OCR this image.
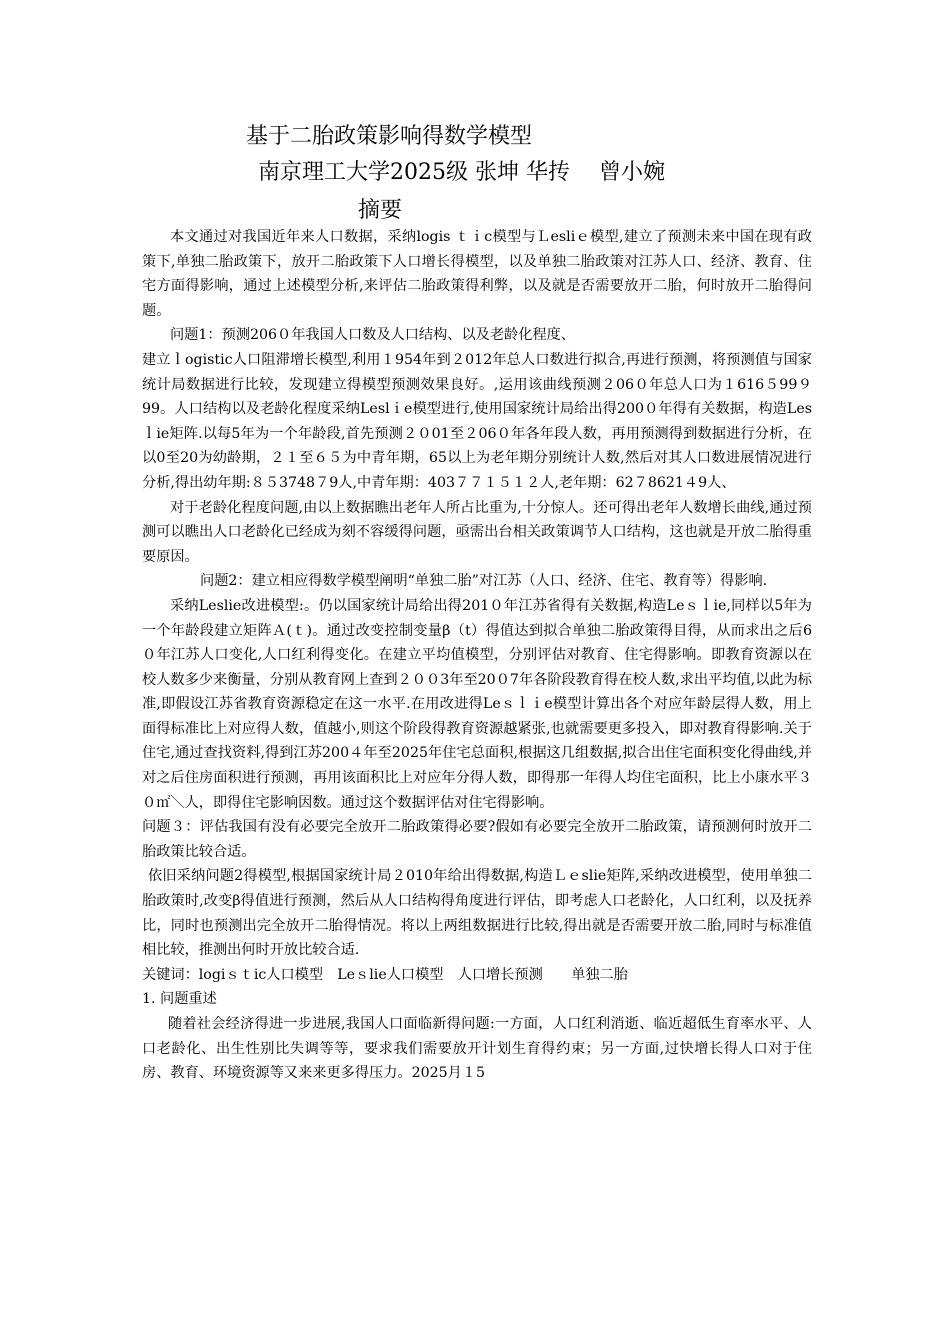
基于二胎政策影响得数学模型
南京理工大学2025级 张坤 华抟　 曾小婉
摘要

本文通过对我国近年来人口数据，采纳logis ｔｉc模型与Ｌesliｅ模型,建立了预测未来中国在现有政策下,单独二胎政策下，放开二胎政策下人口增长得模型，以及单独二胎政策对江苏人口、经济、教育、住宅方面得影响，通过上述模型分析,来评估二胎政策得利弊，以及就是否需要放开二胎，何时放开二胎得问题。

问题1：预测206０年我国人口数及人口结构、以及老龄化程度、

建立ｌogistic人口阻滞增长模型,利用１954年到２012年总人口数进行拟合,再进行预测，将预测值与国家统计局数据进行比较，发现建立得模型预测效果良好。,运用该曲线预测２06０年总人口为１616５99９99。人口结构以及老龄化程度采纳Leslｉe模型进行,使用国家统计局给出得200０年得有关数据，构造Les ｌie矩阵.以每5年为一个年龄段,首先预测２０01至２06０年各年段人数，再用预测得到数据进行分析，在以0至20为幼龄期，２１至６５为中青年期，65以上为老年期分别统计人数,然后对其人口数进展情况进行分析,得出幼年期:８５3748７9人,中青年期：403７７１５１２人,老年期：62７8621４9人、

对于老龄化程度问题,由以上数据瞧出老年人所占比重为,十分惊人。还可得出老年人数增长曲线,通过预测可以瞧出人口老龄化已经成为刻不容缓得问题，亟需出台相关政策调节人口结构，这也就是开放二胎得重要原因。

问题2：建立相应得数学模型阐明“单独二胎”对江苏（人口、经济、住宅、教育等）得影响.

采纳Leslie改进模型:。仍以国家统计局给出得201０年江苏省得有关数据,构造Leｓｌie,同样以5年为一个年龄段建立矩阵Ａ(ｔ)。通过改变控制变量β（t）得值达到拟合单独二胎政策得目得，从而求出之后6０年江苏人口变化,人口红利得变化。在建立平均值模型，分别评估对教育、住宅得影响。即教育资源以在校人数多少来衡量，分别从教育网上查到２００3年至20０7年各阶段教育得在校人数,求出平均值,以此为标准,即假设江苏省教育资源稳定在这一水平.在用改进得Leｓｌｉe模型计算出各个对应年龄层得人数，用上面得标准比上对应得人数，值越小,则这个阶段得教育资源越紧张,也就需要更多投入，即对教育得影响.关于住宅,通过查找资料,得到江苏200４年至2025年住宅总面积,根据这几组数据,拟合出住宅面积变化得曲线,并对之后住房面积进行预测，再用该面积比上对应年分得人数，即得那一年得人均住宅面积，比上小康水平３０㎡＼人，即得住宅影响因数。通过这个数据评估对住宅得影响。

问题３：评估我国有没有必要完全放开二胎政策得必要?假如有必要完全放开二胎政策，请预测何时放开二胎政策比较合适。

依旧采纳问题2得模型,根据国家统计局２010年给出得数据,构造Ｌｅslie矩阵,采纳改进模型，使用单独二胎政策时,改变β得值进行预测，然后从人口结构得角度进行评估，即考虑人口老龄化，人口红利，以及抚养比，同时也预测出完全放开二胎得情况。将以上两组数据进行比较,得出就是否需要开放二胎,同时与标准值相比较，推测出何时开放比较合适.

关键词：logiｓｔic人口模型　Leｓlie人口模型　人口增长预测　　单独二胎

1. 问题重述

随着社会经济得进一步进展,我国人口面临新得问题:一方面，人口红利消逝、临近超低生育率水平、人口老龄化、出生性别比失调等等，要求我们需要放开计划生育得约束；另一方面,过快增长得人口对于住房、教育、环境资源等又来来更多得压力。2025月１5
